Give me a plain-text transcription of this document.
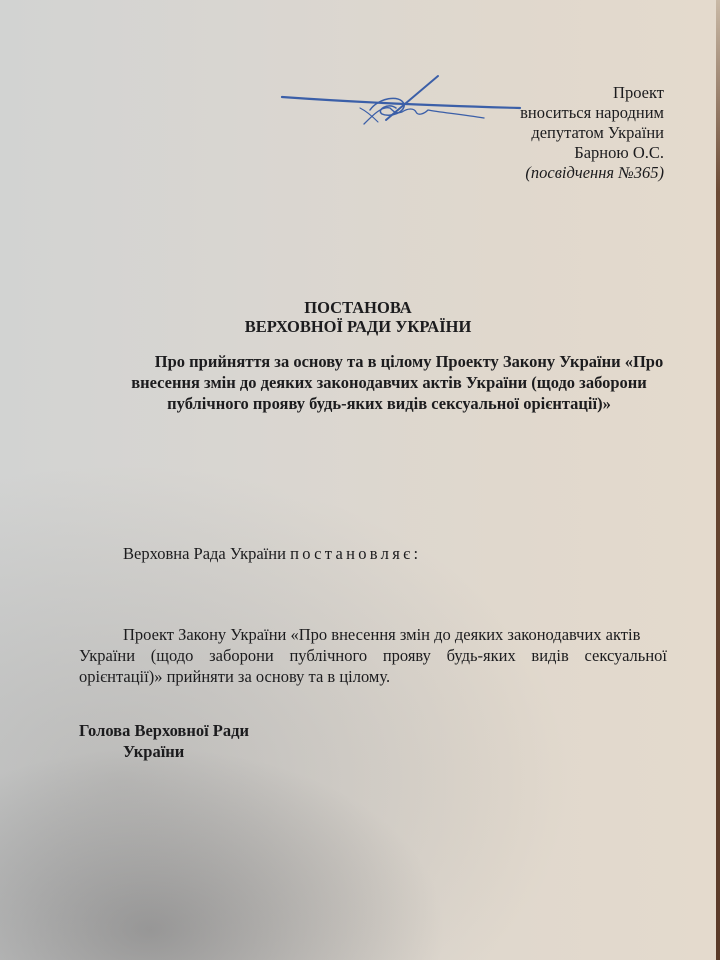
Проект
вноситься народним
депутатом України
Барною О.С.
(посвідчення №365)
ПОСТАНОВА
ВЕРХОВНОЇ РАДИ УКРАЇНИ
Про прийняття за основу та в цілому Проекту Закону України «Про
внесення змін до деяких законодавчих актів України (щодо заборони
публічного прояву будь-яких видів сексуальної орієнтації)»
Верховна Рада України постановляє:
Проект Закону України «Про внесення змін до деяких законодавчих актів
України (щодо заборони публічного прояву будь-яких видів сексуальної
орієнтації)» прийняти за основу та в цілому.
Голова Верховної Ради
України
